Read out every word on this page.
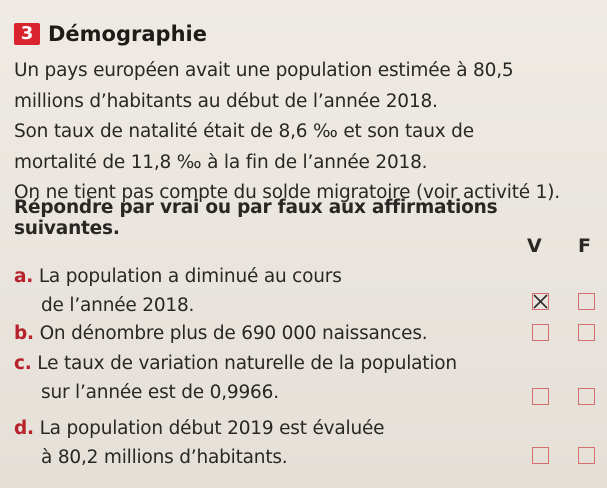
3 Démographie

Un pays européen avait une population estimée à 80,5

millions d’habitants au début de l’année 2018.

Son taux de natalité était de 8,6 ‰ et son taux de

mortalité de 11,8 ‰ à la fin de l’année 2018.

On ne tient pas compte du solde migratoire (voir activité 1).

Répondre par vrai ou par faux aux affirmations suivantes.
V F
a. La population a diminué au cours
de l’année 2018.
b. On dénombre plus de 690 000 naissances.
c. Le taux de variation naturelle de la population
sur l’année est de 0,9966.
d. La population début 2019 est évaluée
à 80,2 millions d’habitants.
